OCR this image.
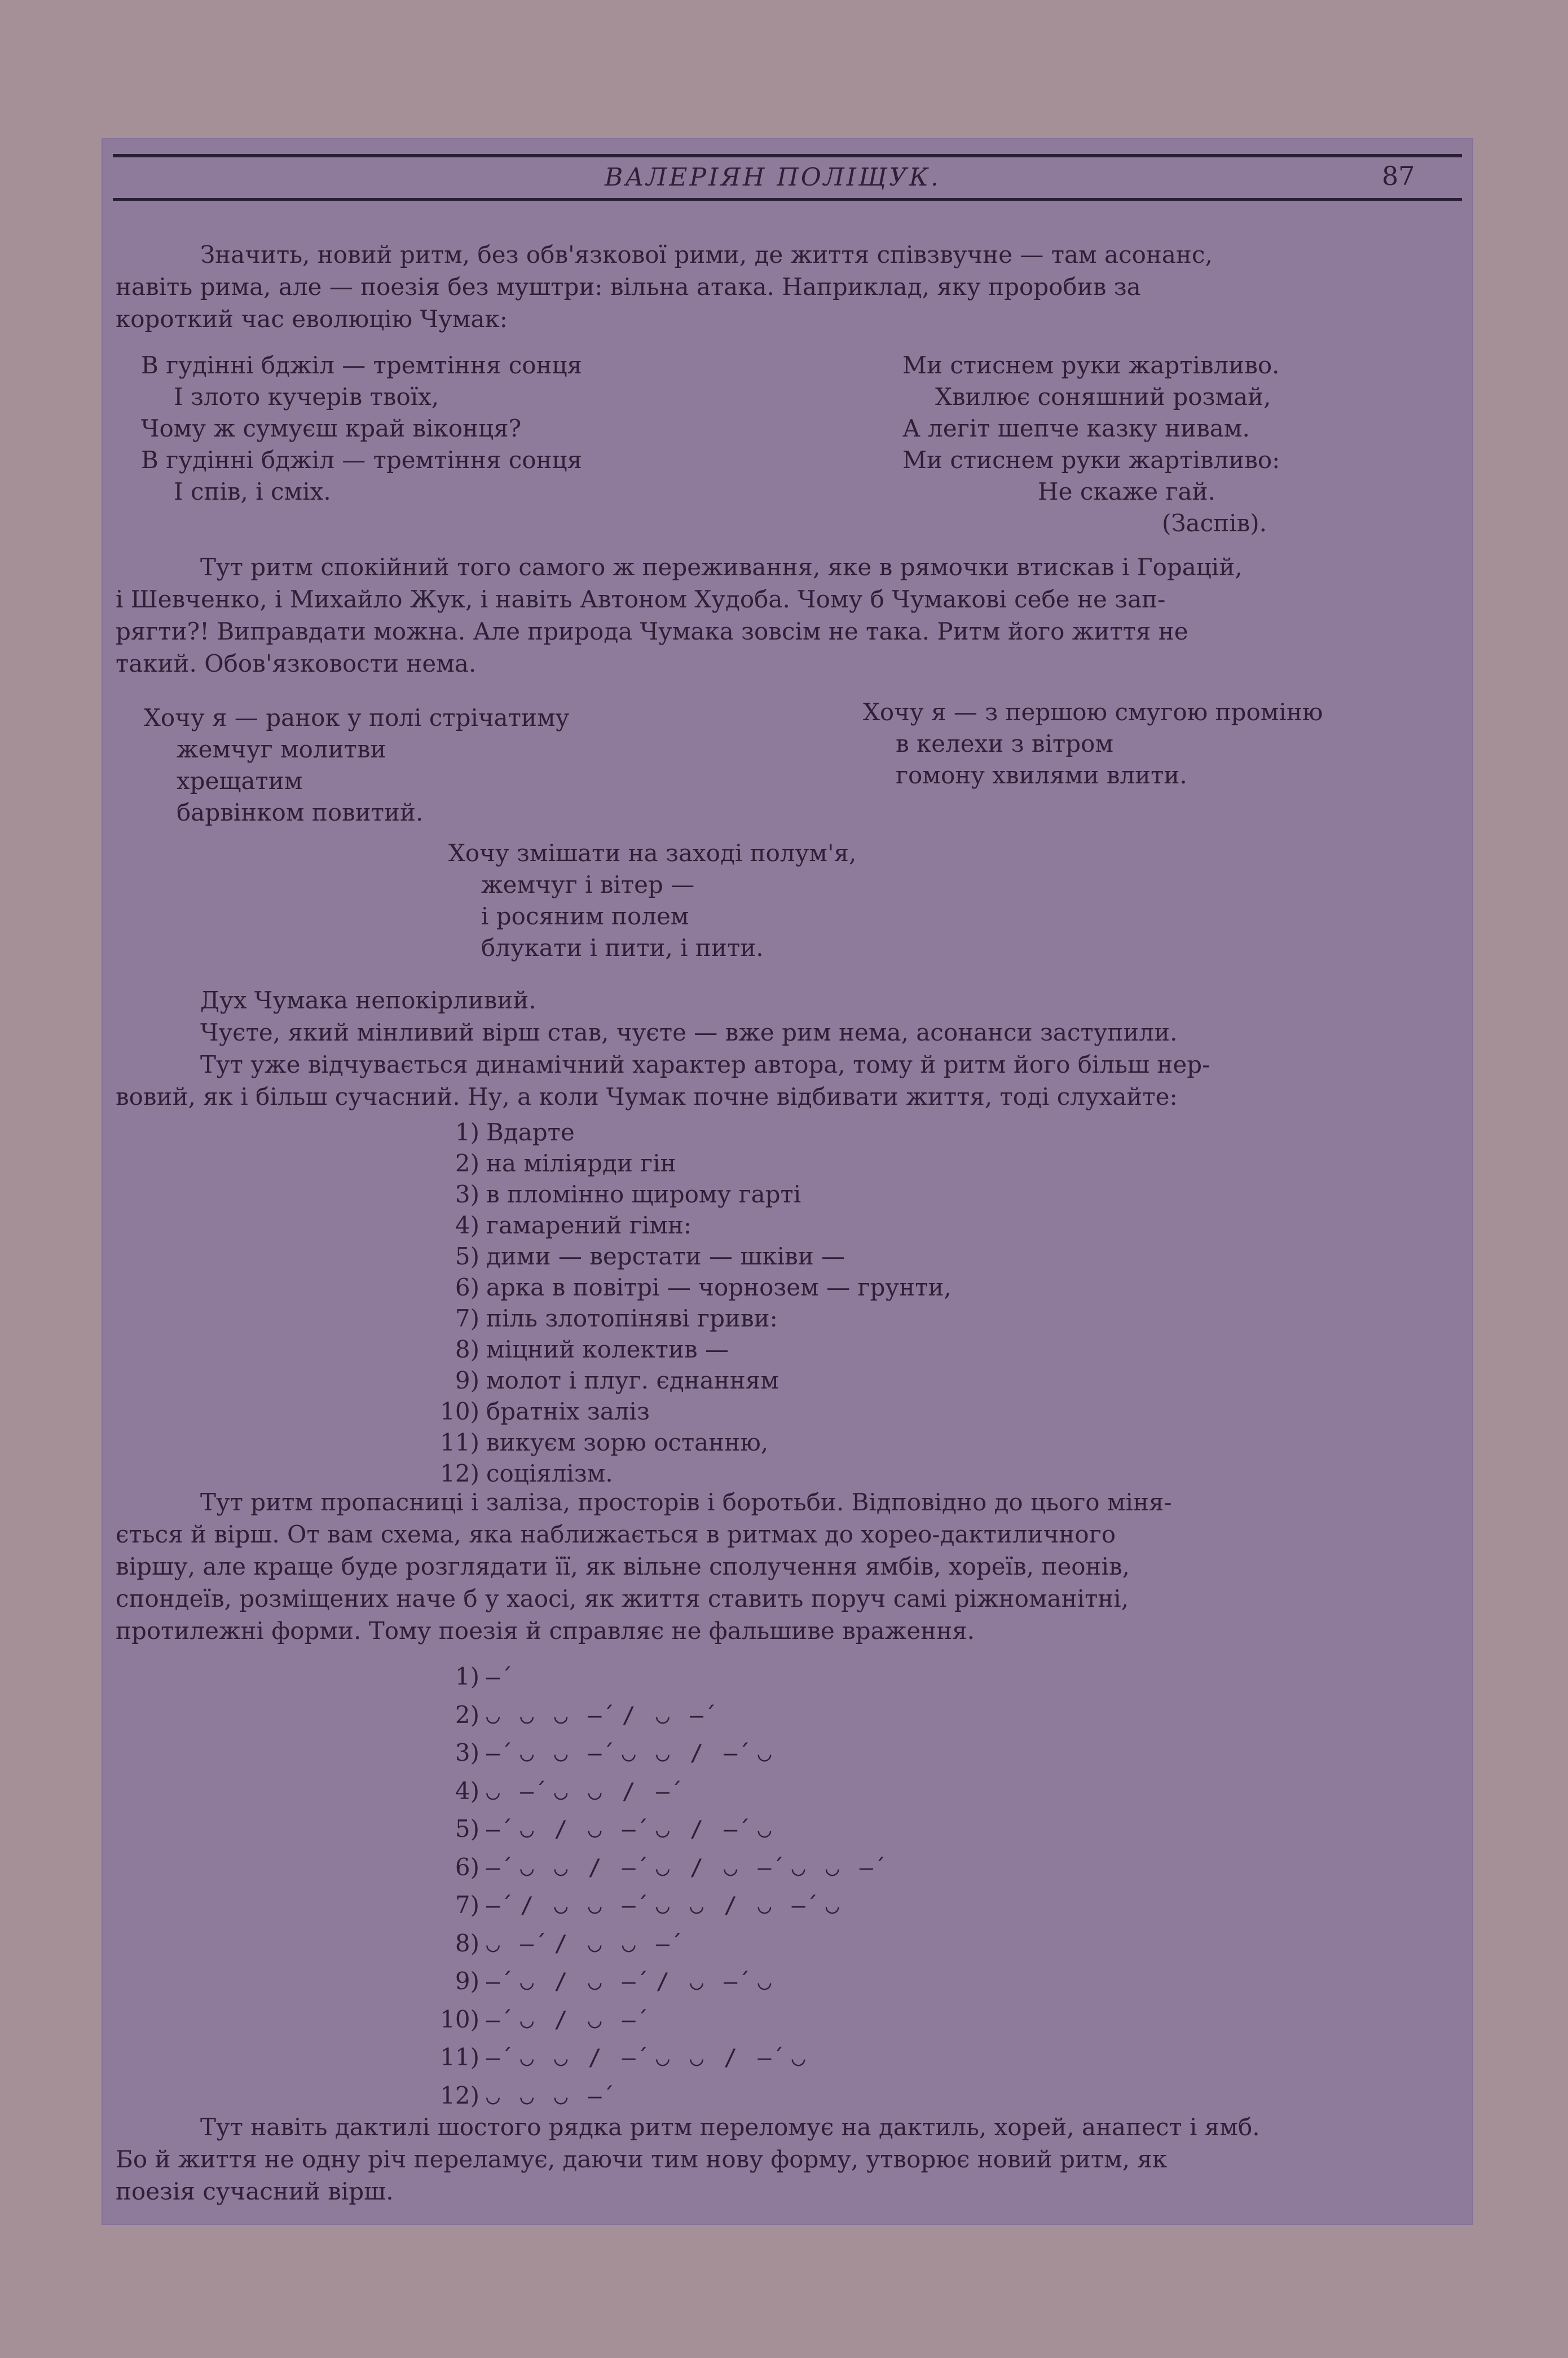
ВАЛЕРІЯН ПОЛІЩУК.	87

Значить, новий ритм, без обв'язкової рими, де життя співзвучне — там асонанс,
навіть рима, але — поезія без муштри: вільна атака. Наприклад, яку проробив за
короткий час еволюцію Чумак:

В гудінні бджіл — тремтіння сонця
І злото кучерів твоїх,
Чому ж сумуєш край віконця?
В гудінні бджіл — тремтіння сонця
І спів, і сміх.
Ми стиснем руки жартівливо.
Хвилює соняшний розмай,
А легіт шепче казку нивам.
Ми стиснем руки жартівливо:
Не скаже гай.
(Заспів).

Тут ритм спокійний того самого ж переживання, яке в рямочки втискав і Горацій,
і Шевченко, і Михайло Жук, і навіть Автоном Худоба. Чому б Чумакові себе не зап-
рягти?! Виправдати можна. Але природа Чумака зовсім не така. Ритм його життя не
такий. Обов'язковости нема.

Хочу я — ранок у полі стрічатиму
жемчуг молитви
хрещатим
барвінком повитий.
Хочу я — з першою смугою проміню
в келехи з вітром
гомону хвилями влити.
Хочу змішати на заході полум'я,
жемчуг і вітер —
і росяним полем
блукати і пити, і пити.

Дух Чумака непокірливий.

Чуєте, який мінливий вірш став, чуєте — вже рим нема, асонанси заступили.

Тут уже відчувається динамічний характер автора, тому й ритм його більш нер-
вовий, як і більш сучасний. Ну, а коли Чумак почне відбивати життя, тоді слухайте:

1) Вдарте
2) на міліярди гін
3) в пломінно щирому гарті
4) гамарений гімн:
5) дими — верстати — шківи —
6) арка в повітрі — чорнозем — грунти,
7) піль злотопіняві гриви:
8) міцний колектив —
9) молот і плуг. єднанням
10) братніх заліз
11) викуєм зорю останню,
12) соціялізм.

Тут ритм пропасниці і заліза, просторів і боротьби. Відповідно до цього міня-
ється й вірш. От вам схема, яка наближається в ритмах до хорео-дактиличного
віршу, але краще буде розглядати її, як вільне сполучення ямбів, хореїв, пеонів,
спондеїв, розміщених наче б у хаосі, як життя ставить поруч самі ріжноманітні,
протилежні форми. Тому поезія й справляє не фальшиве враження.

1) –́
2) ◡ ◡ ◡ –́ / ◡ –́
3) –́ ◡ ◡ –́ ◡ ◡ / –́ ◡
4) ◡ –́ ◡ ◡ / –́
5) –́ ◡ / ◡ –́ ◡ / –́ ◡
6) –́ ◡ ◡ / –́ ◡ / ◡ –́ ◡ ◡ –́
7) –́ / ◡ ◡ –́ ◡ ◡ / ◡ –́ ◡
8) ◡ –́ / ◡ ◡ –́
9) –́ ◡ / ◡ –́ / ◡ –́ ◡
10) –́ ◡ / ◡ –́
11) –́ ◡ ◡ / –́ ◡ ◡ / –́ ◡
12) ◡ ◡ ◡ –́

Тут навіть дактилі шостого рядка ритм переломує на дактиль, хорей, анапест і ямб.
Бо й життя не одну річ переламує, даючи тим нову форму, утворює новий ритм, як
поезія сучасний вірш.
